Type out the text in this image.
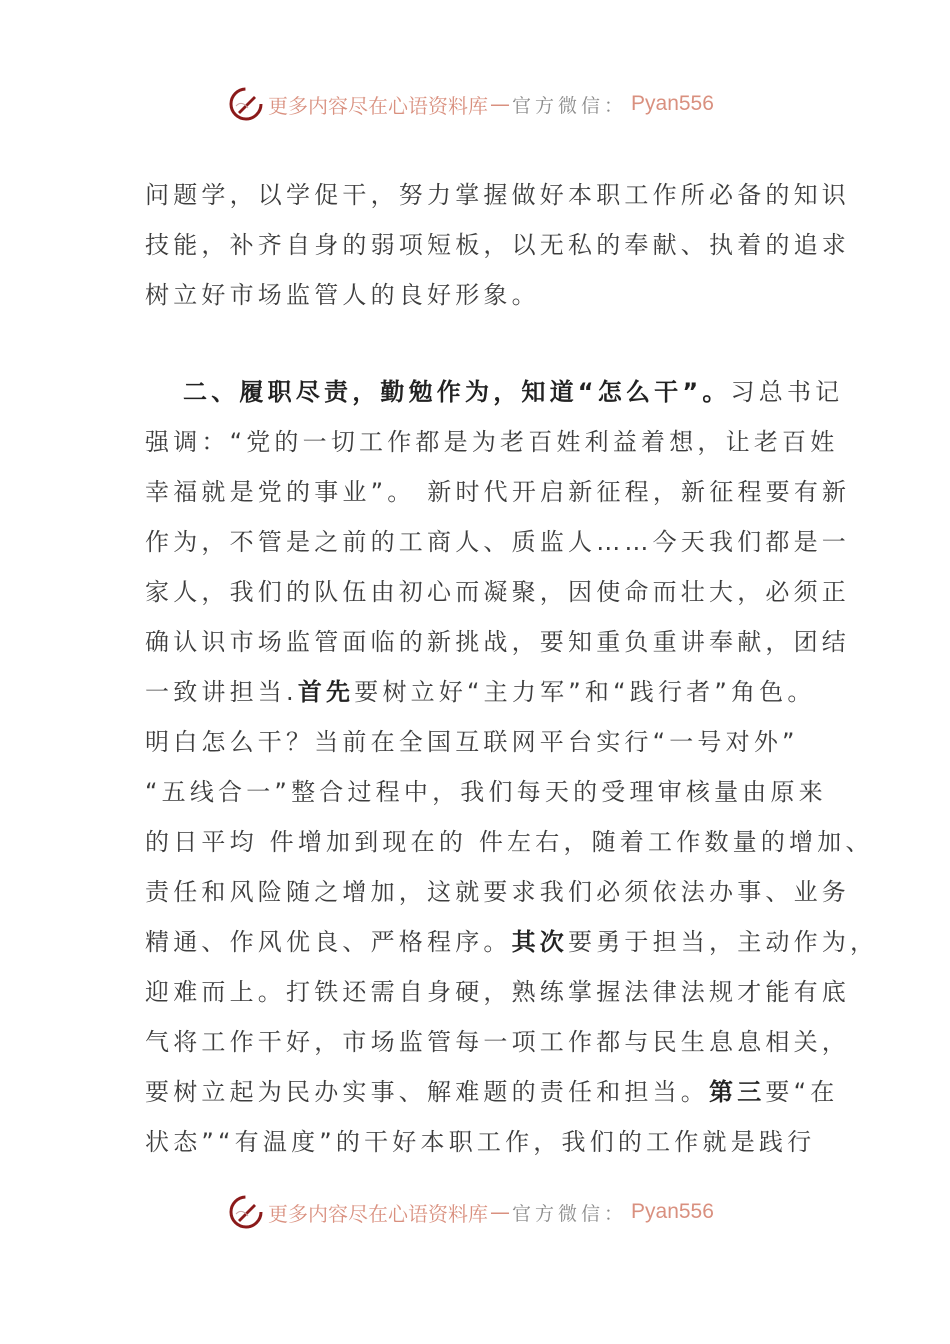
更多内容尽在心语资料库 — 官方微信： Pyan556
问题学，以学促干，努力掌握做好本职工作所必备的知识
技能，补齐自身的弱项短板，以无私的奉献、执着的追求
树立好市场监管人的良好形象。
二、履职尽责，勤勉作为，知道“怎么干”。习总书记
强调：“党的一切工作都是为老百姓利益着想，让老百姓
幸福就是党的事业”。 新时代开启新征程，新征程要有新
作为，不管是之前的工商人、质监人……今天我们都是一
家人，我们的队伍由初心而凝聚，因使命而壮大，必须正
确认识市场监管面临的新挑战，要知重负重讲奉献，团结
一致讲担当.首先要树立好“主力军”和“践行者”角色。
明白怎么干？当前在全国互联网平台实行“一号对外”
“五线合一”整合过程中，我们每天的受理审核量由原来
的日平均 件增加到现在的 件左右，随着工作数量的增加、
责任和风险随之增加，这就要求我们必须依法办事、业务
精通、作风优良、严格程序。其次要勇于担当，主动作为，
迎难而上。打铁还需自身硬，熟练掌握法律法规才能有底
气将工作干好，市场监管每一项工作都与民生息息相关，
要树立起为民办实事、解难题的责任和担当。第三要“在
状态”“有温度”的干好本职工作，我们的工作就是践行
更多内容尽在心语资料库 — 官方微信： Pyan556
